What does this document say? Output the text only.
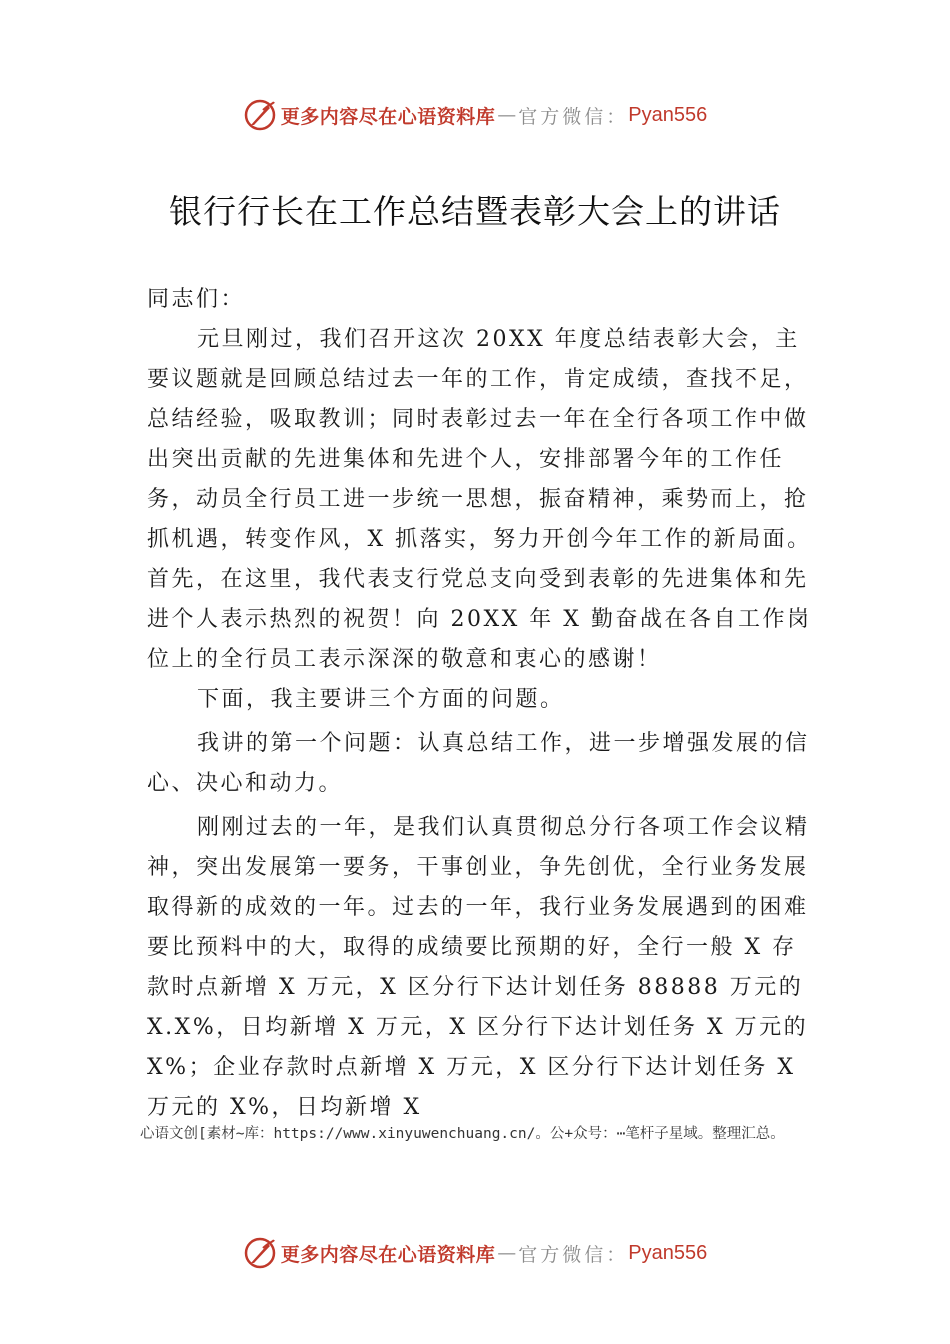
更多内容尽在心语资料库 — 官方微信： Pyan556
银行行长在工作总结暨表彰大会上的讲话

同志们：

元旦刚过，我们召开这次 20XX 年度总结表彰大会，主要议题就是回顾总结过去一年的工作，肯定成绩，查找不足，总结经验，吸取教训；同时表彰过去一年在全行各项工作中做出突出贡献的先进集体和先进个人，安排部署今年的工作任务，动员全行员工进一步统一思想，振奋精神，乘势而上，抢抓机遇，转变作风，X 抓落实，努力开创今年工作的新局面。首先，在这里，我代表支行党总支向受到表彰的先进集体和先进个人表示热烈的祝贺！向 20XX 年 X 勤奋战在各自工作岗位上的全行员工表示深深的敬意和衷心的感谢！

下面，我主要讲三个方面的问题。

我讲的第一个问题：认真总结工作，进一步增强发展的信心、决心和动力。

刚刚过去的一年，是我们认真贯彻总分行各项工作会议精神，突出发展第一要务，干事创业，争先创优，全行业务发展取得新的成效的一年。过去的一年，我行业务发展遇到的困难要比预料中的大，取得的成绩要比预期的好，全行一般 X 存款时点新增 X 万元，X 区分行下达计划任务 88888 万元的 X.X%，日均新增 X 万元，X 区分行下达计划任务 X 万元的 X%；企业存款时点新增 X 万元，X 区分行下达计划任务 X 万元的 X%，日均新增 X

心语文创[素材~库：https://www.xinyuwenchuang.cn/。公+众号：⋯笔杆子星域。整理汇总。
更多内容尽在心语资料库 — 官方微信： Pyan556
